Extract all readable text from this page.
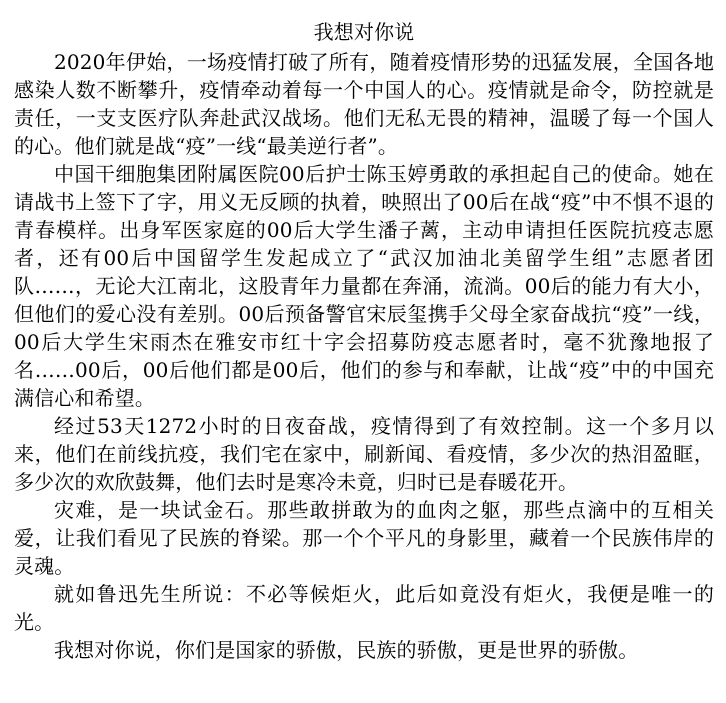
我想对你说

2020年伊始，一场疫情打破了所有，随着疫情形势的迅猛发展，全国各地感染人数不断攀升，疫情牵动着每一个中国人的心。疫情就是命令，防控就是责任，一支支医疗队奔赴武汉战场。他们无私无畏的精神，温暖了每一个国人的心。他们就是战“疫”一线“最美逆行者”。

中国干细胞集团附属医院00后护士陈玉婷勇敢的承担起自己的使命。她在请战书上签下了字，用义无反顾的执着，映照出了00后在战“疫”中不惧不退的青春模样。出身军医家庭的00后大学生潘子蓠，主动申请担任医院抗疫志愿者，还有00后中国留学生发起成立了“武汉加油北美留学生组”志愿者团队……，无论大江南北，这股青年力量都在奔涌，流淌。00后的能力有大小，但他们的爱心没有差别。00后预备警官宋辰玺携手父母全家奋战抗“疫”一线，00后大学生宋雨杰在雅安市红十字会招募防疫志愿者时，毫不犹豫地报了名……00后，00后他们都是00后，他们的参与和奉献，让战“疫”中的中国充满信心和希望。

经过53天1272小时的日夜奋战，疫情得到了有效控制。这一个多月以来，他们在前线抗疫，我们宅在家中，刷新闻、看疫情，多少次的热泪盈眶，多少次的欢欣鼓舞，他们去时是寒冷未竟，归时已是春暖花开。

灾难，是一块试金石。那些敢拼敢为的血肉之躯，那些点滴中的互相关爱，让我们看见了民族的脊梁。那一个个平凡的身影里，藏着一个民族伟岸的灵魂。

就如鲁迅先生所说：不必等候炬火，此后如竟没有炬火，我便是唯一的光。

我想对你说，你们是国家的骄傲，民族的骄傲，更是世界的骄傲。
